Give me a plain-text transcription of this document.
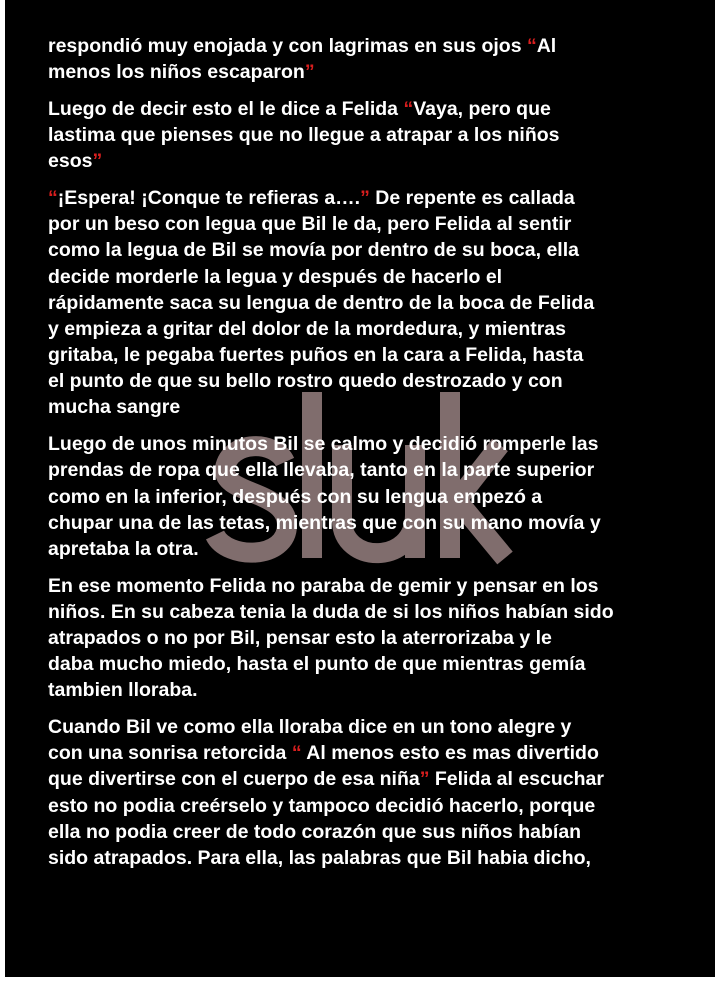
respondió muy enojada y con lagrimas en sus ojos “Al
menos los niños escaparon”
Luego de decir esto el le dice a Felida “Vaya, pero que
lastima que pienses que no llegue a atrapar a los niños
esos”
“¡Espera! ¡Conque te refieras a….” De repente es callada
por un beso con legua que Bil le da, pero Felida al sentir
como la legua de Bil se movía por dentro de su boca, ella
decide morderle la legua y después de hacerlo el
rápidamente saca su lengua de dentro de la boca de Felida
y empieza a gritar del dolor de la mordedura, y mientras
gritaba, le pegaba fuertes puños en la cara a Felida, hasta
el punto de que su bello rostro quedo destrozado y con
mucha sangre
Luego de unos minutos Bil se calmo y decidió romperle las
prendas de ropa que ella llevaba, tanto en la parte superior
como en la inferior, después con su lengua empezó a
chupar una de las tetas, mientras que con su mano movía y
apretaba la otra.
En ese momento Felida no paraba de gemir y pensar en los
niños. En su cabeza tenia la duda de si los niños habían sido
atrapados o no por Bil, pensar esto la aterrorizaba y le
daba mucho miedo, hasta el punto de que mientras gemía
tambien lloraba.
Cuando Bil ve como ella lloraba dice en un tono alegre y
con una sonrisa retorcida “ Al menos esto es mas divertido
que divertirse con el cuerpo de esa niña” Felida al escuchar
esto no podia creérselo y tampoco decidió hacerlo, porque
ella no podia creer de todo corazón que sus niños habían
sido atrapados. Para ella, las palabras que Bil habia dicho,
